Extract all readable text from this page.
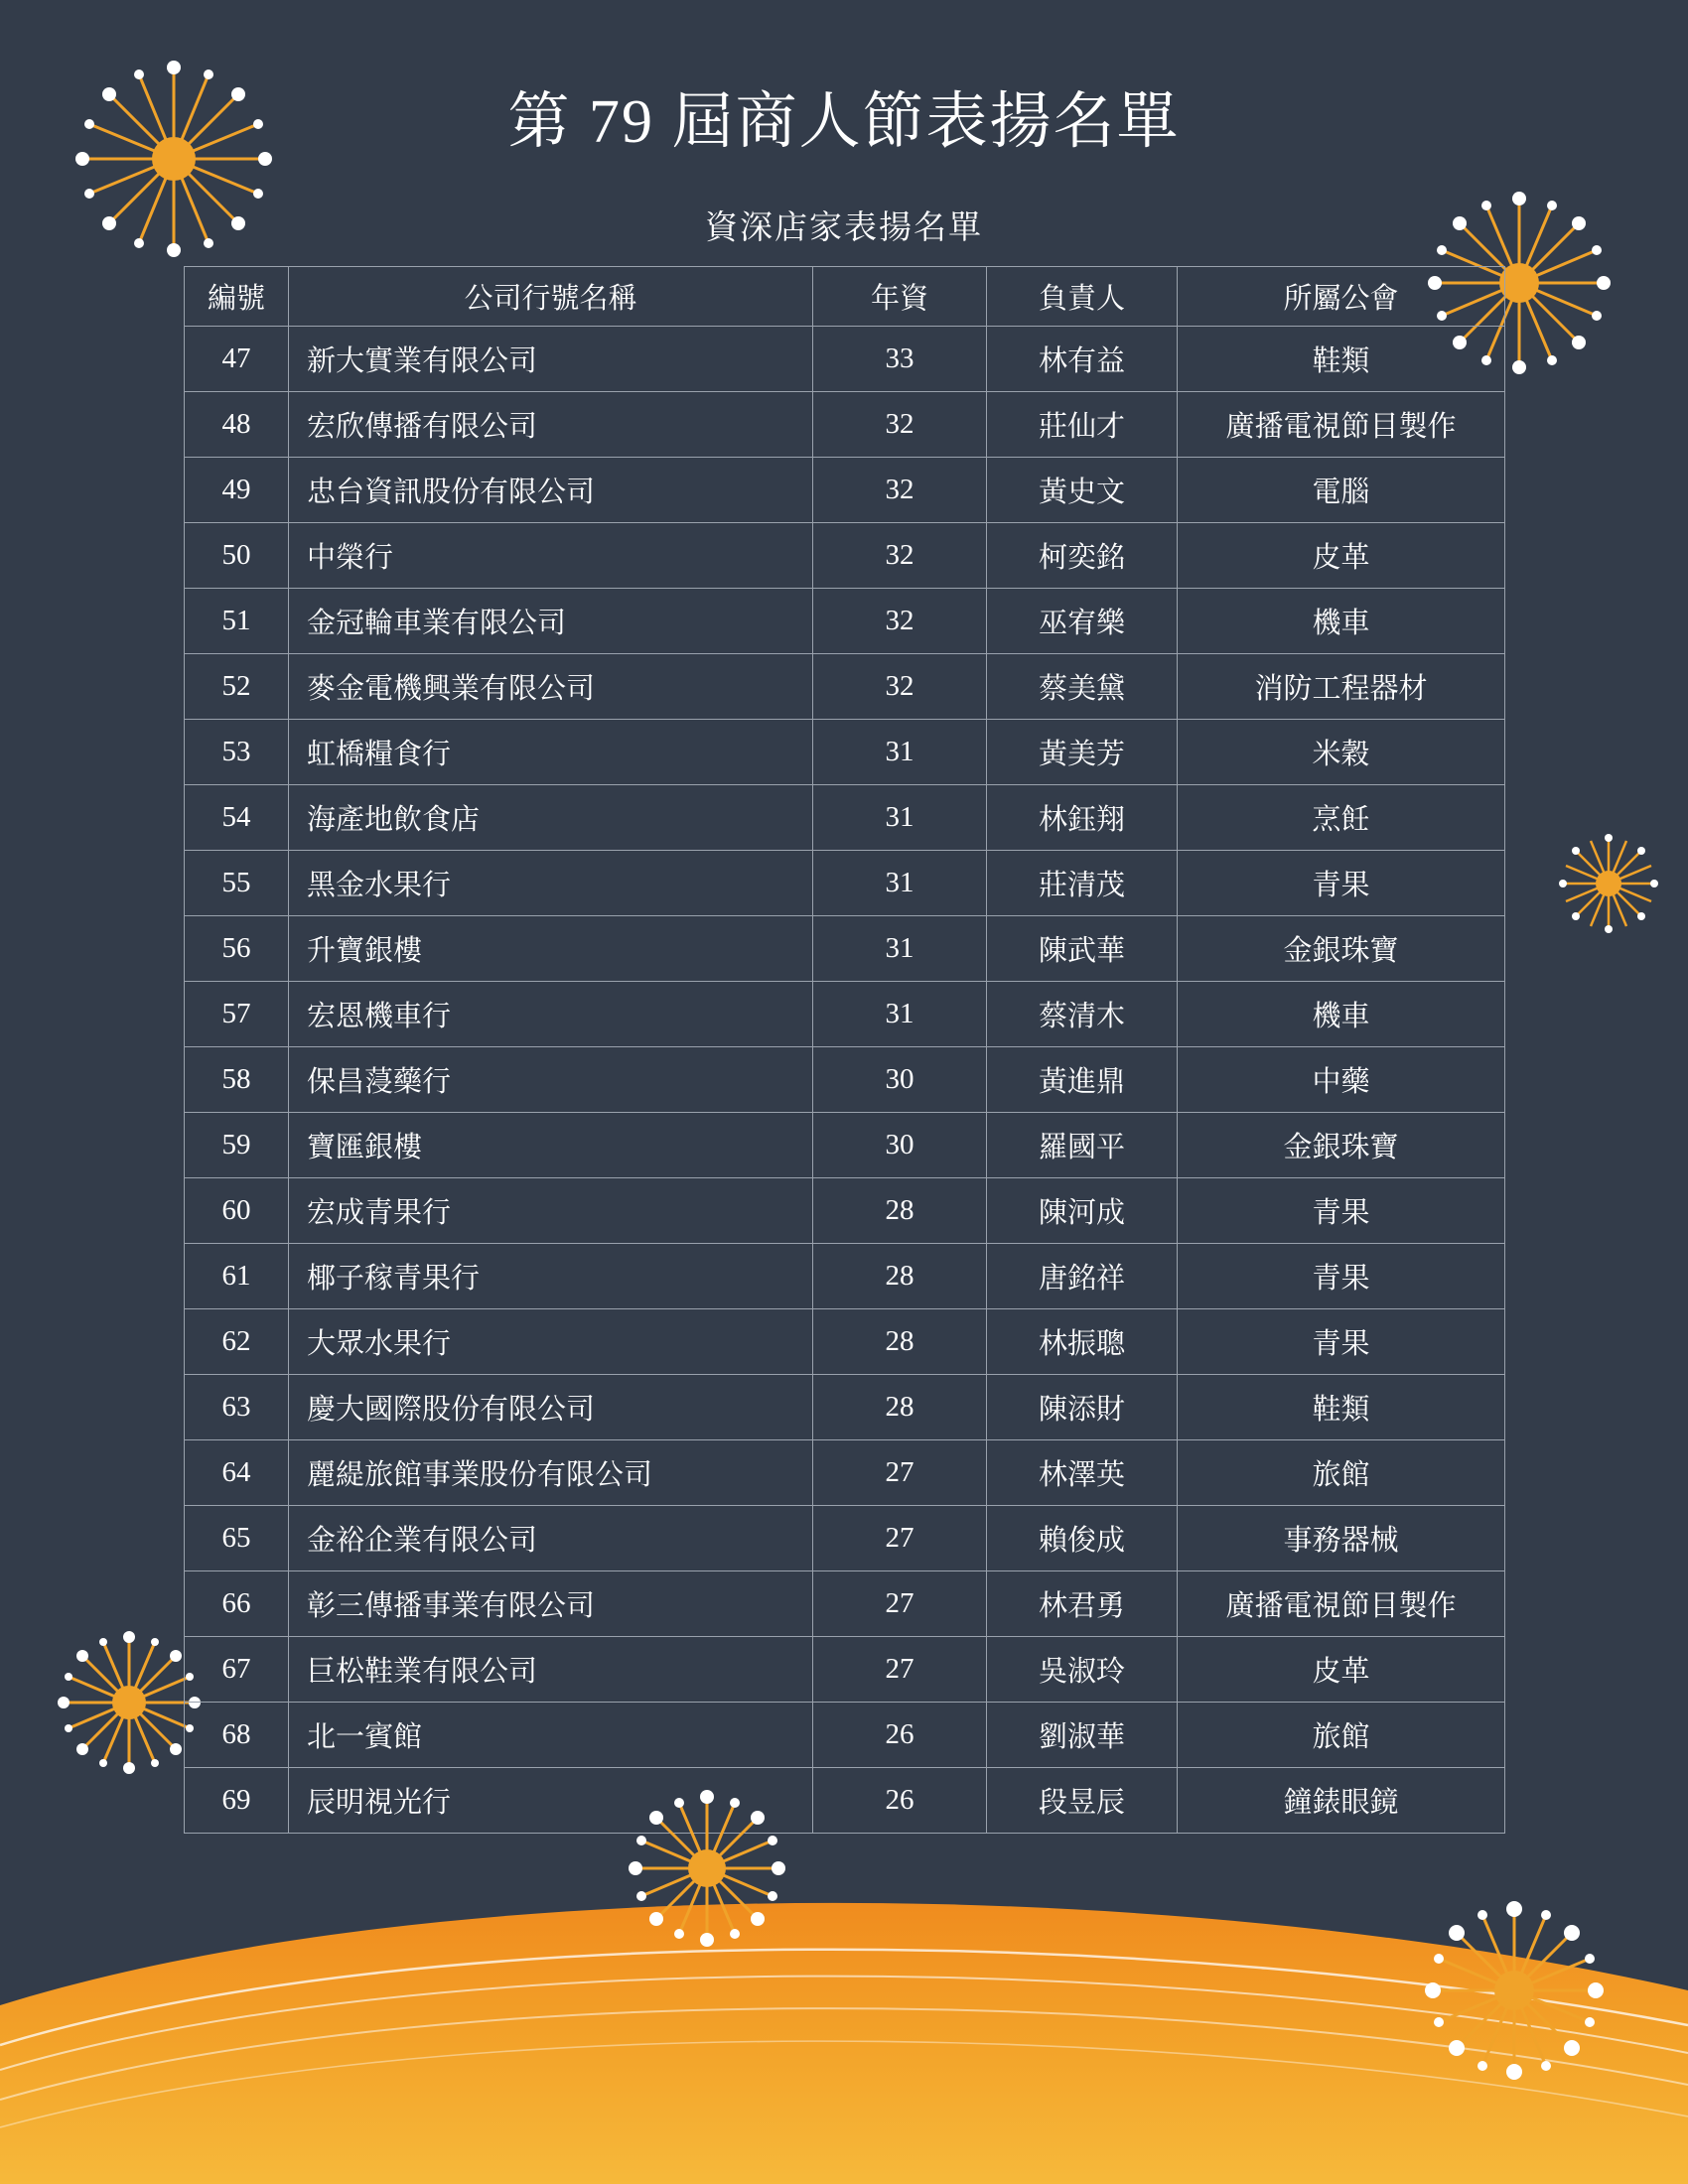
第 79 屆商人節表揚名單
資深店家表揚名單
編號	公司行號名稱	年資	負責人	所屬公會
47	新大實業有限公司	33	林有益	鞋類
48	宏欣傳播有限公司	32	莊仙才	廣播電視節目製作
49	忠台資訊股份有限公司	32	黃史文	電腦
50	中榮行	32	柯奕銘	皮革
51	金冠輪車業有限公司	32	巫宥樂	機車
52	麥金電機興業有限公司	32	蔡美黛	消防工程器材
53	虹橋糧食行	31	黃美芳	米穀
54	海產地飲食店	31	林鈺翔	烹飪
55	黑金水果行	31	莊清茂	青果
56	升寶銀樓	31	陳武華	金銀珠寶
57	宏恩機車行	31	蔡清木	機車
58	保昌蓡藥行	30	黃進鼎	中藥
59	寶匯銀樓	30	羅國平	金銀珠寶
60	宏成青果行	28	陳河成	青果
61	椰子稼青果行	28	唐銘祥	青果
62	大眾水果行	28	林振聰	青果
63	慶大國際股份有限公司	28	陳添財	鞋類
64	麗緹旅館事業股份有限公司	27	林澤英	旅館
65	金裕企業有限公司	27	賴俊成	事務器械
66	彰三傳播事業有限公司	27	林君勇	廣播電視節目製作
67	巨松鞋業有限公司	27	吳淑玲	皮革
68	北一賓館	26	劉淑華	旅館
69	辰明視光行	26	段昱辰	鐘錶眼鏡
